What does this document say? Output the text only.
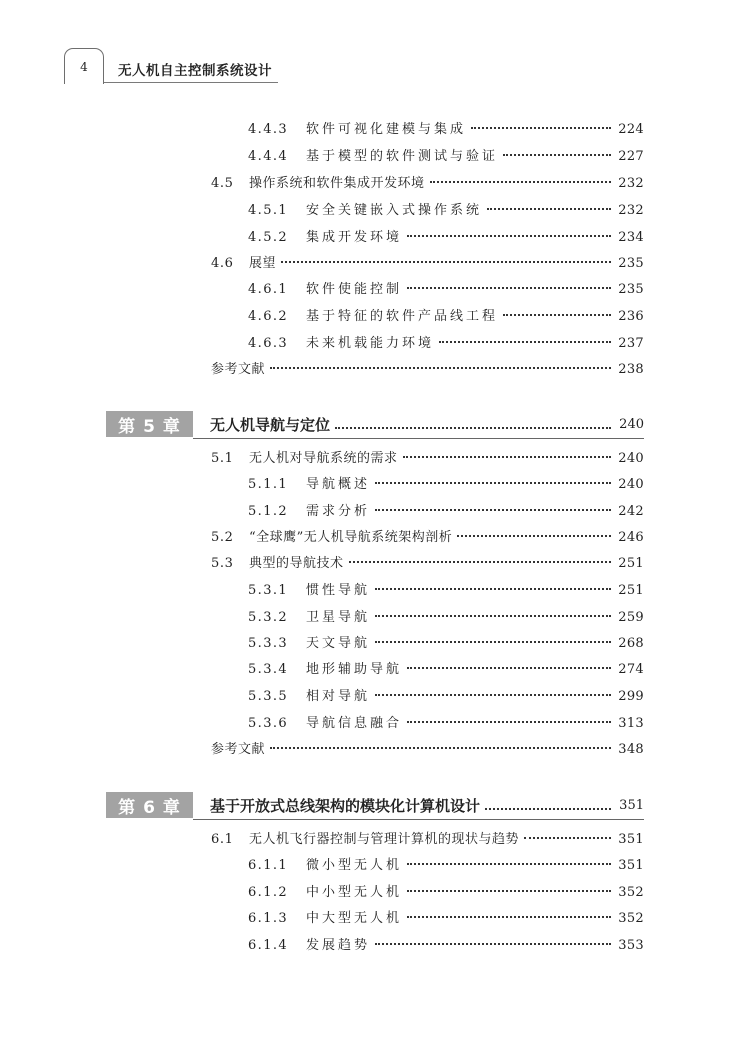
4	无人机自主控制系统设计
4.4.3	软件可视化建模与集成	224
4.4.4	基于模型的软件测试与验证	227
4.5	操作系统和软件集成开发环境	232
4.5.1	安全关键嵌入式操作系统	232
4.5.2	集成开发环境	234
4.6	展望	235
4.6.1	软件使能控制	235
4.6.2	基于特征的软件产品线工程	236
4.6.3	未来机载能力环境	237
参考文献	238
第 5 章	无人机导航与定位	240
5.1	无人机对导航系统的需求	240
5.1.1	导航概述	240
5.1.2	需求分析	242
5.2	“全球鹰”无人机导航系统架构剖析	246
5.3	典型的导航技术	251
5.3.1	惯性导航	251
5.3.2	卫星导航	259
5.3.3	天文导航	268
5.3.4	地形辅助导航	274
5.3.5	相对导航	299
5.3.6	导航信息融合	313
参考文献	348
第 6 章	基于开放式总线架构的模块化计算机设计	351
6.1	无人机飞行器控制与管理计算机的现状与趋势	351
6.1.1	微小型无人机	351
6.1.2	中小型无人机	352
6.1.3	中大型无人机	352
6.1.4	发展趋势	353
